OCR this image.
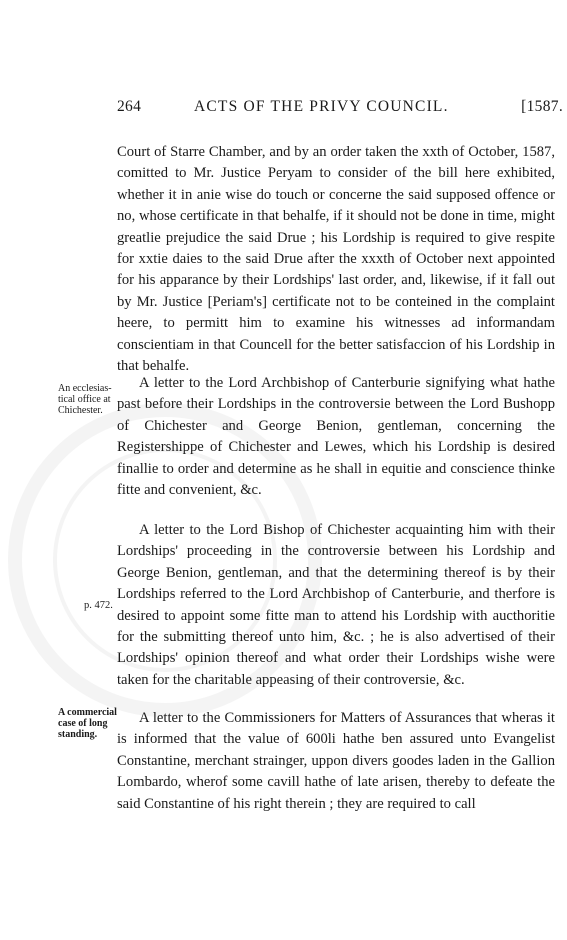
264	ACTS OF THE PRIVY COUNCIL.	[1587.

Court of Starre Chamber, and by an order taken the xxth of October, 1587, comitted to Mr. Justice Peryam to consider of the bill here exhibited, whether it in anie wise do touch or concerne the said supposed offence or no, whose certificate in that behalfe, if it should not be done in time, might greatlie prejudice the said Drue ; his Lordship is required to give respite for xxtie daies to the said Drue after the xxxth of October next appointed for his apparance by their Lordships' last order, and, likewise, if it fall out by Mr. Justice [Periam's] certificate not to be conteined in the complaint heere, to permitt him to examine his witnesses ad informandam conscientiam in that Councell for the better satisfaccion of his Lordship in that behalfe.

An ecclesias-tical office at Chichester.

A letter to the Lord Archbishop of Canterburie signifying what hathe past before their Lordships in the controversie between the Lord Bushopp of Chichester and George Benion, gentleman, concerning the Registershippe of Chichester and Lewes, which his Lordship is desired finallie to order and determine as he shall in equitie and conscience thinke fitte and convenient, &c.

p. 472.

A letter to the Lord Bishop of Chichester acquainting him with their Lordships' proceeding in the controversie between his Lordship and George Benion, gentleman, and that the determining thereof is by their Lordships referred to the Lord Archbishop of Canterburie, and therfore is desired to appoint some fitte man to attend his Lordship with aucthoritie for the submitting thereof unto him, &c. ; he is also advertised of their Lordships' opinion thereof and what order their Lordships wishe were taken for the charitable appeasing of their controversie, &c.

A commercial case of long standing.

A letter to the Commissioners for Matters of Assurances that wheras it is informed that the value of 600li hathe ben assured unto Evangelist Constantine, merchant strainger, uppon divers goodes laden in the Gallion Lombardo, wherof some cavill hathe of late arisen, thereby to defeate the said Constantine of his right therein ; they are required to call
